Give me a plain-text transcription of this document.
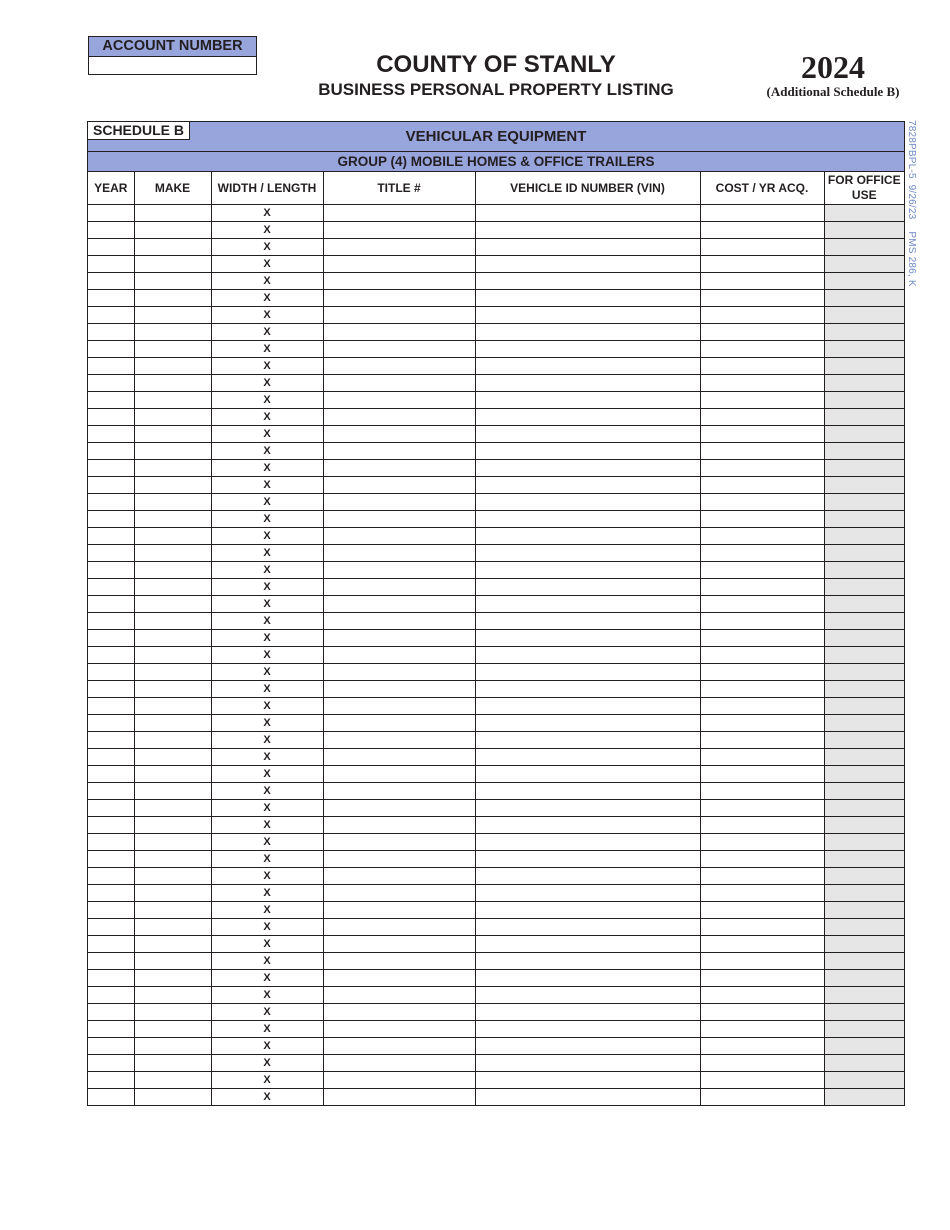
ACCOUNT NUMBER
COUNTY OF STANLY
BUSINESS PERSONAL PROPERTY LISTING
2024
(Additional Schedule B)
7828PBPL-5  9/26/23    PMS 286, K
VEHICULAR EQUIPMENT
SCHEDULE B
GROUP (4) MOBILE HOMES & OFFICE TRAILERS
YEAR	MAKE	WIDTH / LENGTH	TITLE #	VEHICLE ID NUMBER (VIN)	COST / YR ACQ.	FOR OFFICE USE
		X				
		X				
		X				
		X				
		X				
		X				
		X				
		X				
		X				
		X				
		X				
		X				
		X				
		X				
		X				
		X				
		X				
		X				
		X				
		X				
		X				
		X				
		X				
		X				
		X				
		X				
		X				
		X				
		X				
		X				
		X				
		X				
		X				
		X				
		X				
		X				
		X				
		X				
		X				
		X				
		X				
		X				
		X				
		X				
		X				
		X				
		X				
		X				
		X				
		X				
		X				
		X				
		X				
